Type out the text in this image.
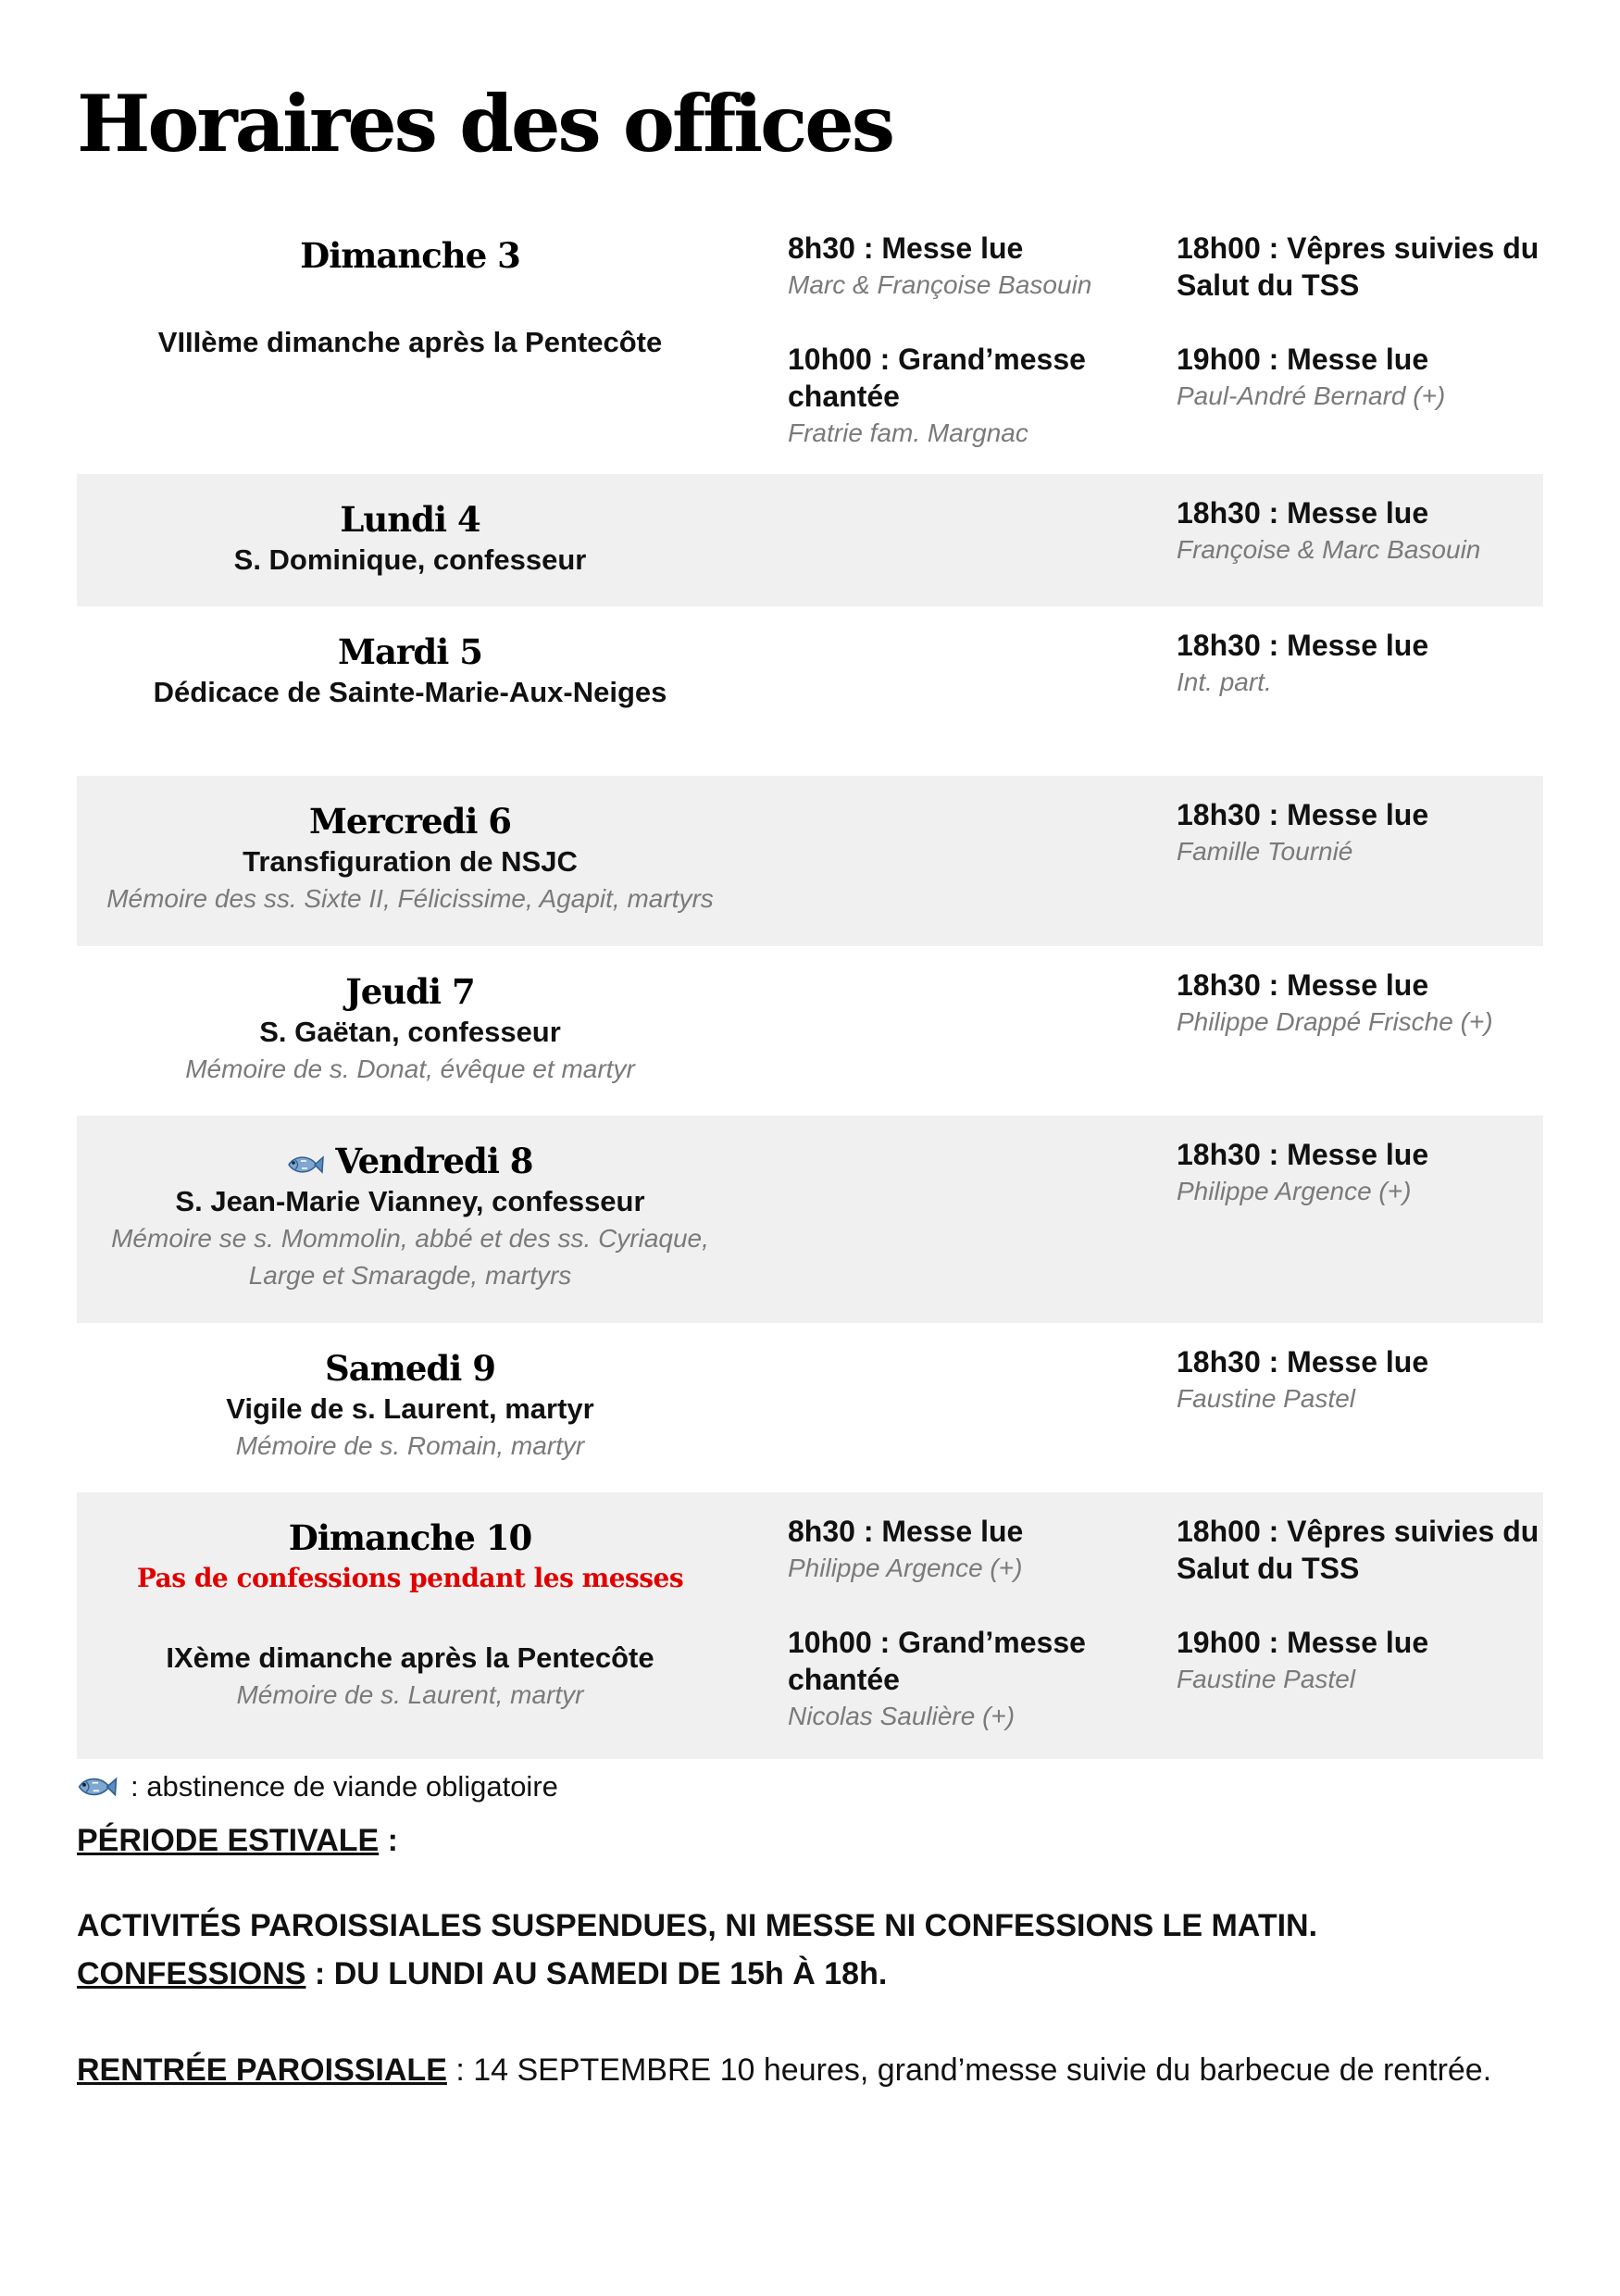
Horaires des offices
Dimanche 3
VIIIème dimanche après la Pentecôte
8h30 : Messe lue
Marc & Françoise Basouin
10h00 : Grand’messe chantée
Fratrie fam. Margnac
18h00 : Vêpres suivies du Salut du TSS
19h00 : Messe lue
Paul-André Bernard (+)
Lundi 4
S. Dominique, confesseur
18h30 : Messe lue
Françoise & Marc Basouin
Mardi 5
Dédicace de Sainte-Marie-Aux-Neiges
18h30 : Messe lue
Int. part.
Mercredi 6
Transfiguration de NSJC
Mémoire des ss. Sixte II, Félicissime, Agapit, martyrs
18h30 : Messe lue
Famille Tournié
Jeudi 7
S. Gaëtan, confesseur
Mémoire de s. Donat, évêque et martyr
18h30 : Messe lue
Philippe Drappé Frische (+)
Vendredi 8
S. Jean-Marie Vianney, confesseur
Mémoire se s. Mommolin, abbé et des ss. Cyriaque,
Large et Smaragde, martyrs
18h30 : Messe lue
Philippe Argence (+)
Samedi 9
Vigile de s. Laurent, martyr
Mémoire de s. Romain, martyr
18h30 : Messe lue
Faustine Pastel
Dimanche 10
Pas de confessions pendant les messes
IXème dimanche après la Pentecôte
Mémoire de s. Laurent, martyr
8h30 : Messe lue
Philippe Argence (+)
10h00 : Grand’messe chantée
Nicolas Saulière (+)
18h00 : Vêpres suivies du Salut du TSS
19h00 : Messe lue
Faustine Pastel
: abstinence de viande obligatoire
PÉRIODE ESTIVALE :
ACTIVITÉS PAROISSIALES SUSPENDUES, NI MESSE NI CONFESSIONS LE MATIN.
CONFESSIONS : DU LUNDI AU SAMEDI DE 15h À 18h.
RENTRÉE PAROISSIALE : 14 SEPTEMBRE 10 heures, grand’messe suivie du barbecue de rentrée.
